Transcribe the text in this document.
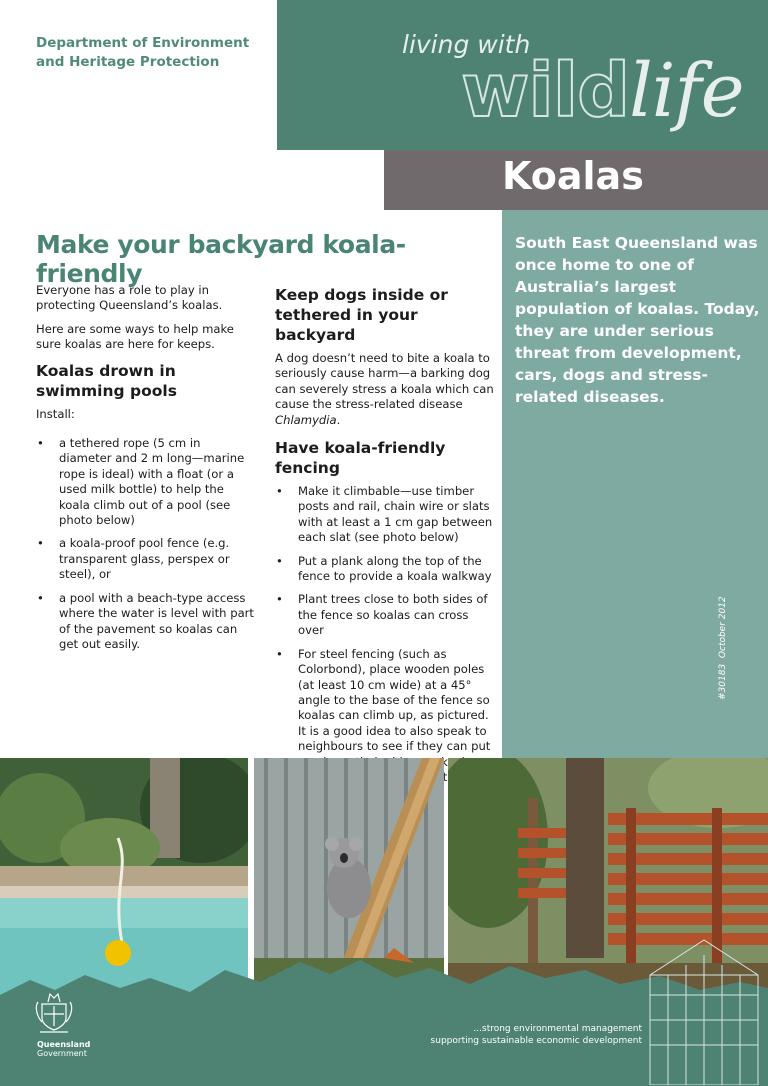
Department of Environment and Heritage Protection
living with
wildlife
Koalas

South East Queensland was once home to one of Australia’s largest population of koalas. Today, they are under serious threat from development, cars, dogs and stress-related diseases.

#30183  October 2012
Make your backyard koala-friendly

Everyone has a role to play in protecting Queensland’s koalas.

Here are some ways to help make sure koalas are here for keeps.

Koalas drown in swimming pools

Install:

• a tethered rope (5 cm in diameter and 2 m long—marine rope is ideal) with a float (or a used milk bottle) to help the koala climb out of a pool (see photo below)
• a koala-proof pool fence (e.g. transparent glass, perspex or steel), or
• a pool with a beach-type access where the water is level with part of the pavement so koalas can get out easily.
Keep dogs inside or tethered in your backyard

A dog doesn’t need to bite a koala to seriously cause harm—a barking dog can severely stress a koala which can cause the stress-related disease Chlamydia.

Have koala-friendly fencing
• Make it climbable—use timber posts and rail, chain wire or slats with at least a 1 cm gap between each slat (see photo below)
• Put a plank along the top of the fence to provide a koala walkway
• Plant trees close to both sides of the fence so koalas can cross over
• For steel fencing (such as Colorbond), place wooden poles (at least 10 cm wide) at a 45° angle to the base of the fence so koalas can climb up, as pictured. It is a good idea to also speak to neighbours to see if they can put
Queensland
Government
...strong environmental management
supporting sustainable economic development
